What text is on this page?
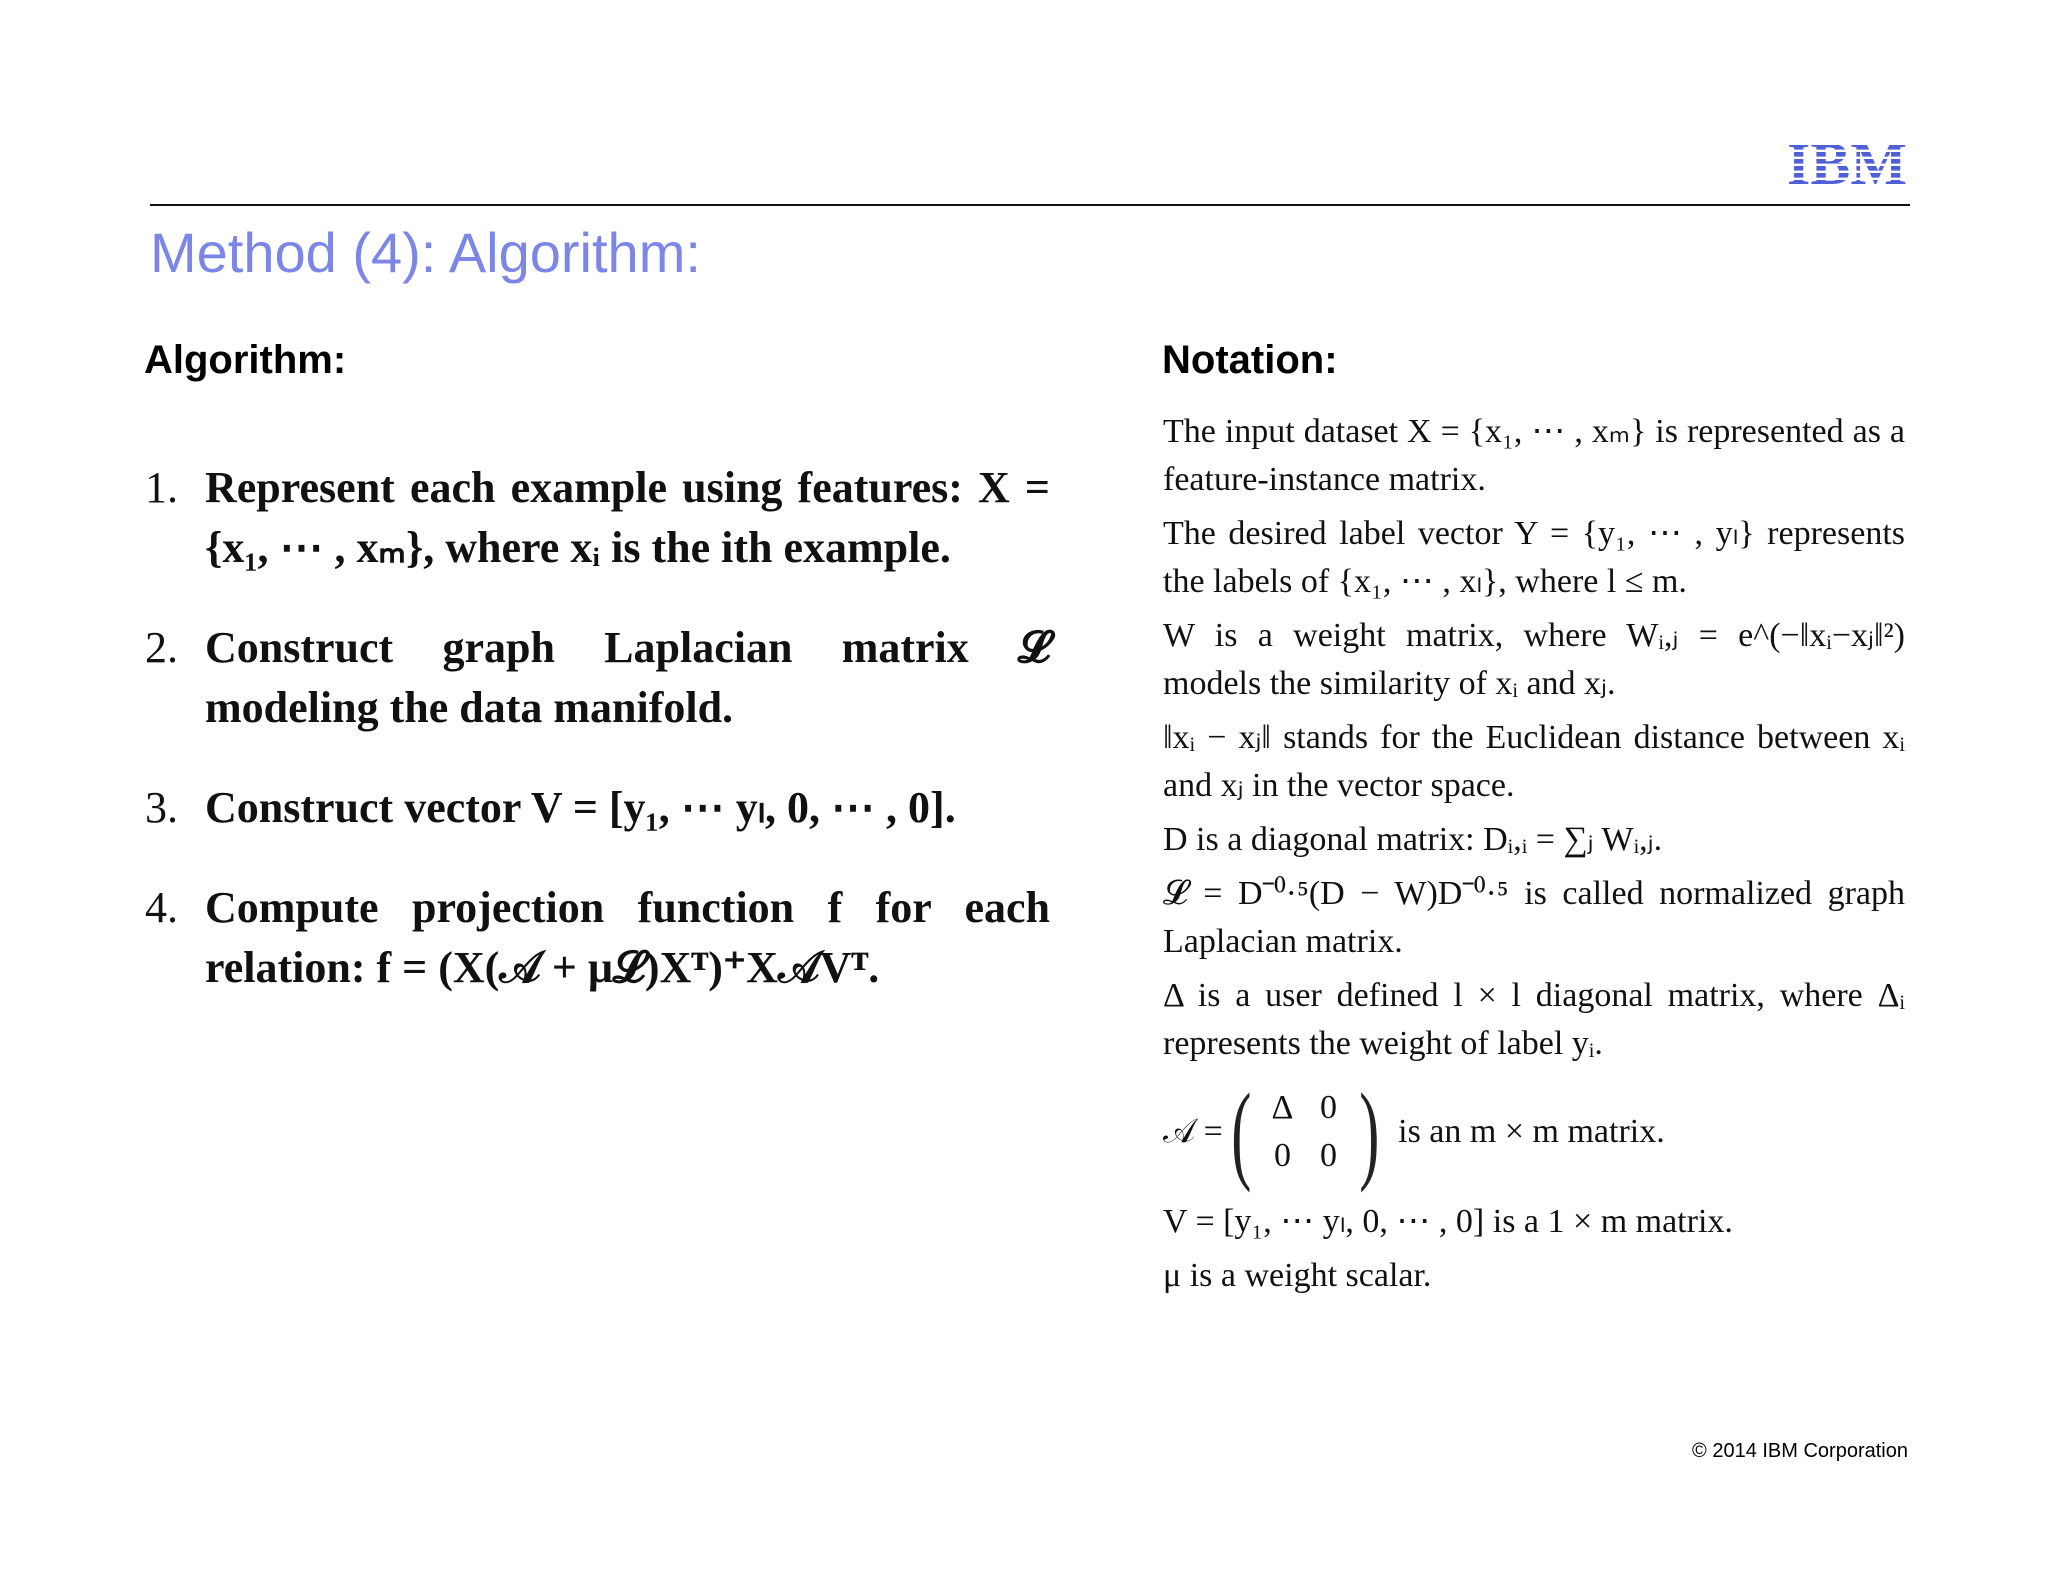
IBM
Method (4): Algorithm:
Algorithm:	Notation:
1. Represent each example using features: X = {x₁, ⋯ , xₘ}, where xᵢ is the ith example.
2. Construct graph Laplacian matrix 𝓛 modeling the data manifold.
3. Construct vector V = [y₁, ⋯ yₗ, 0, ⋯ , 0].
4. Compute projection function f for each relation: f = (X(𝒜 + μ𝓛)Xᵀ)⁺X𝒜Vᵀ.
The input dataset X = {x₁, ⋯ , xₘ} is represented as a feature-instance matrix.
The desired label vector Y = {y₁, ⋯ , yₗ} represents the labels of {x₁, ⋯ , xₗ}, where l ≤ m.
W is a weight matrix, where Wᵢ,ⱼ = e^(−‖xᵢ−xⱼ‖²) models the similarity of xᵢ and xⱼ.
‖xᵢ − xⱼ‖ stands for the Euclidean distance between xᵢ and xⱼ in the vector space.
D is a diagonal matrix: Dᵢ,ᵢ = ∑ⱼ Wᵢ,ⱼ.
𝓛 = D⁻⁰·⁵(D − W)D⁻⁰·⁵ is called normalized graph Laplacian matrix.
Δ is a user defined l × l diagonal matrix, where Δᵢ represents the weight of label yᵢ.
𝒜 = ( Δ 0
0 0 ) is an m × m matrix.
V = [y₁, ⋯ yₗ, 0, ⋯ , 0] is a 1 × m matrix.
μ is a weight scalar.
© 2014 IBM Corporation
